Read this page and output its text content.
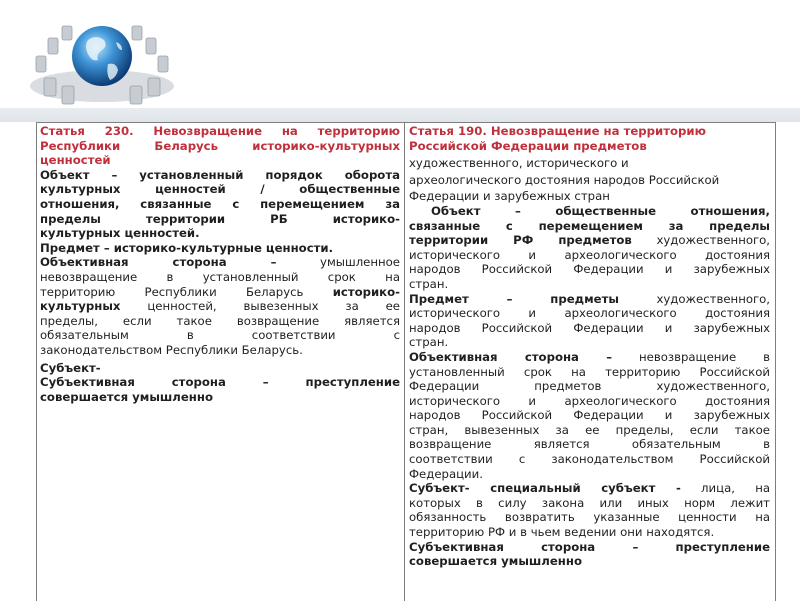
Статья 230. Невозвращение на территорию

Республики Беларусь историко-культурных

ценностей

Объект – установленный порядок оборота

культурных ценностей / общественные

отношения, связанные с перемещением за

пределы территории РБ историко-

культурных ценностей.

Предмет – историко-культурные ценности.

Объективная сторона – умышленное

невозвращение в установленный срок на

территорию Республики Беларусь историко-

культурных ценностей, вывезенных за ее

пределы, если такое возвращение является

обязательным в соответствии с

законодательством Республики Беларусь.

Субъект-

Субъективная сторона – преступление

совершается умышленно

Статья 190. Невозвращение на территорию

Российской Федерации предметов

художественного, исторического и

археологического достояния народов Российской

Федерации и зарубежных стран

Объект – общественные отношения,

связанные с перемещением за пределы

территории РФ предметов художественного,

исторического и археологического достояния

народов Российской Федерации и зарубежных

стран.

Предмет – предметы художественного,

исторического и археологического достояния

народов Российской Федерации и зарубежных

стран.

Объективная сторона – невозвращение в

установленный срок на территорию Российской

Федерации предметов художественного,

исторического и археологического достояния

народов Российской Федерации и зарубежных

стран, вывезенных за ее пределы, если такое

возвращение является обязательным в

соответствии с законодательством Российской

Федерации.

Субъект- специальный субъект - лица, на

которых в силу закона или иных норм лежит

обязанность возвратить указанные ценности на

территорию РФ и в чьем ведении они находятся.

Субъективная сторона – преступление

совершается умышленно
